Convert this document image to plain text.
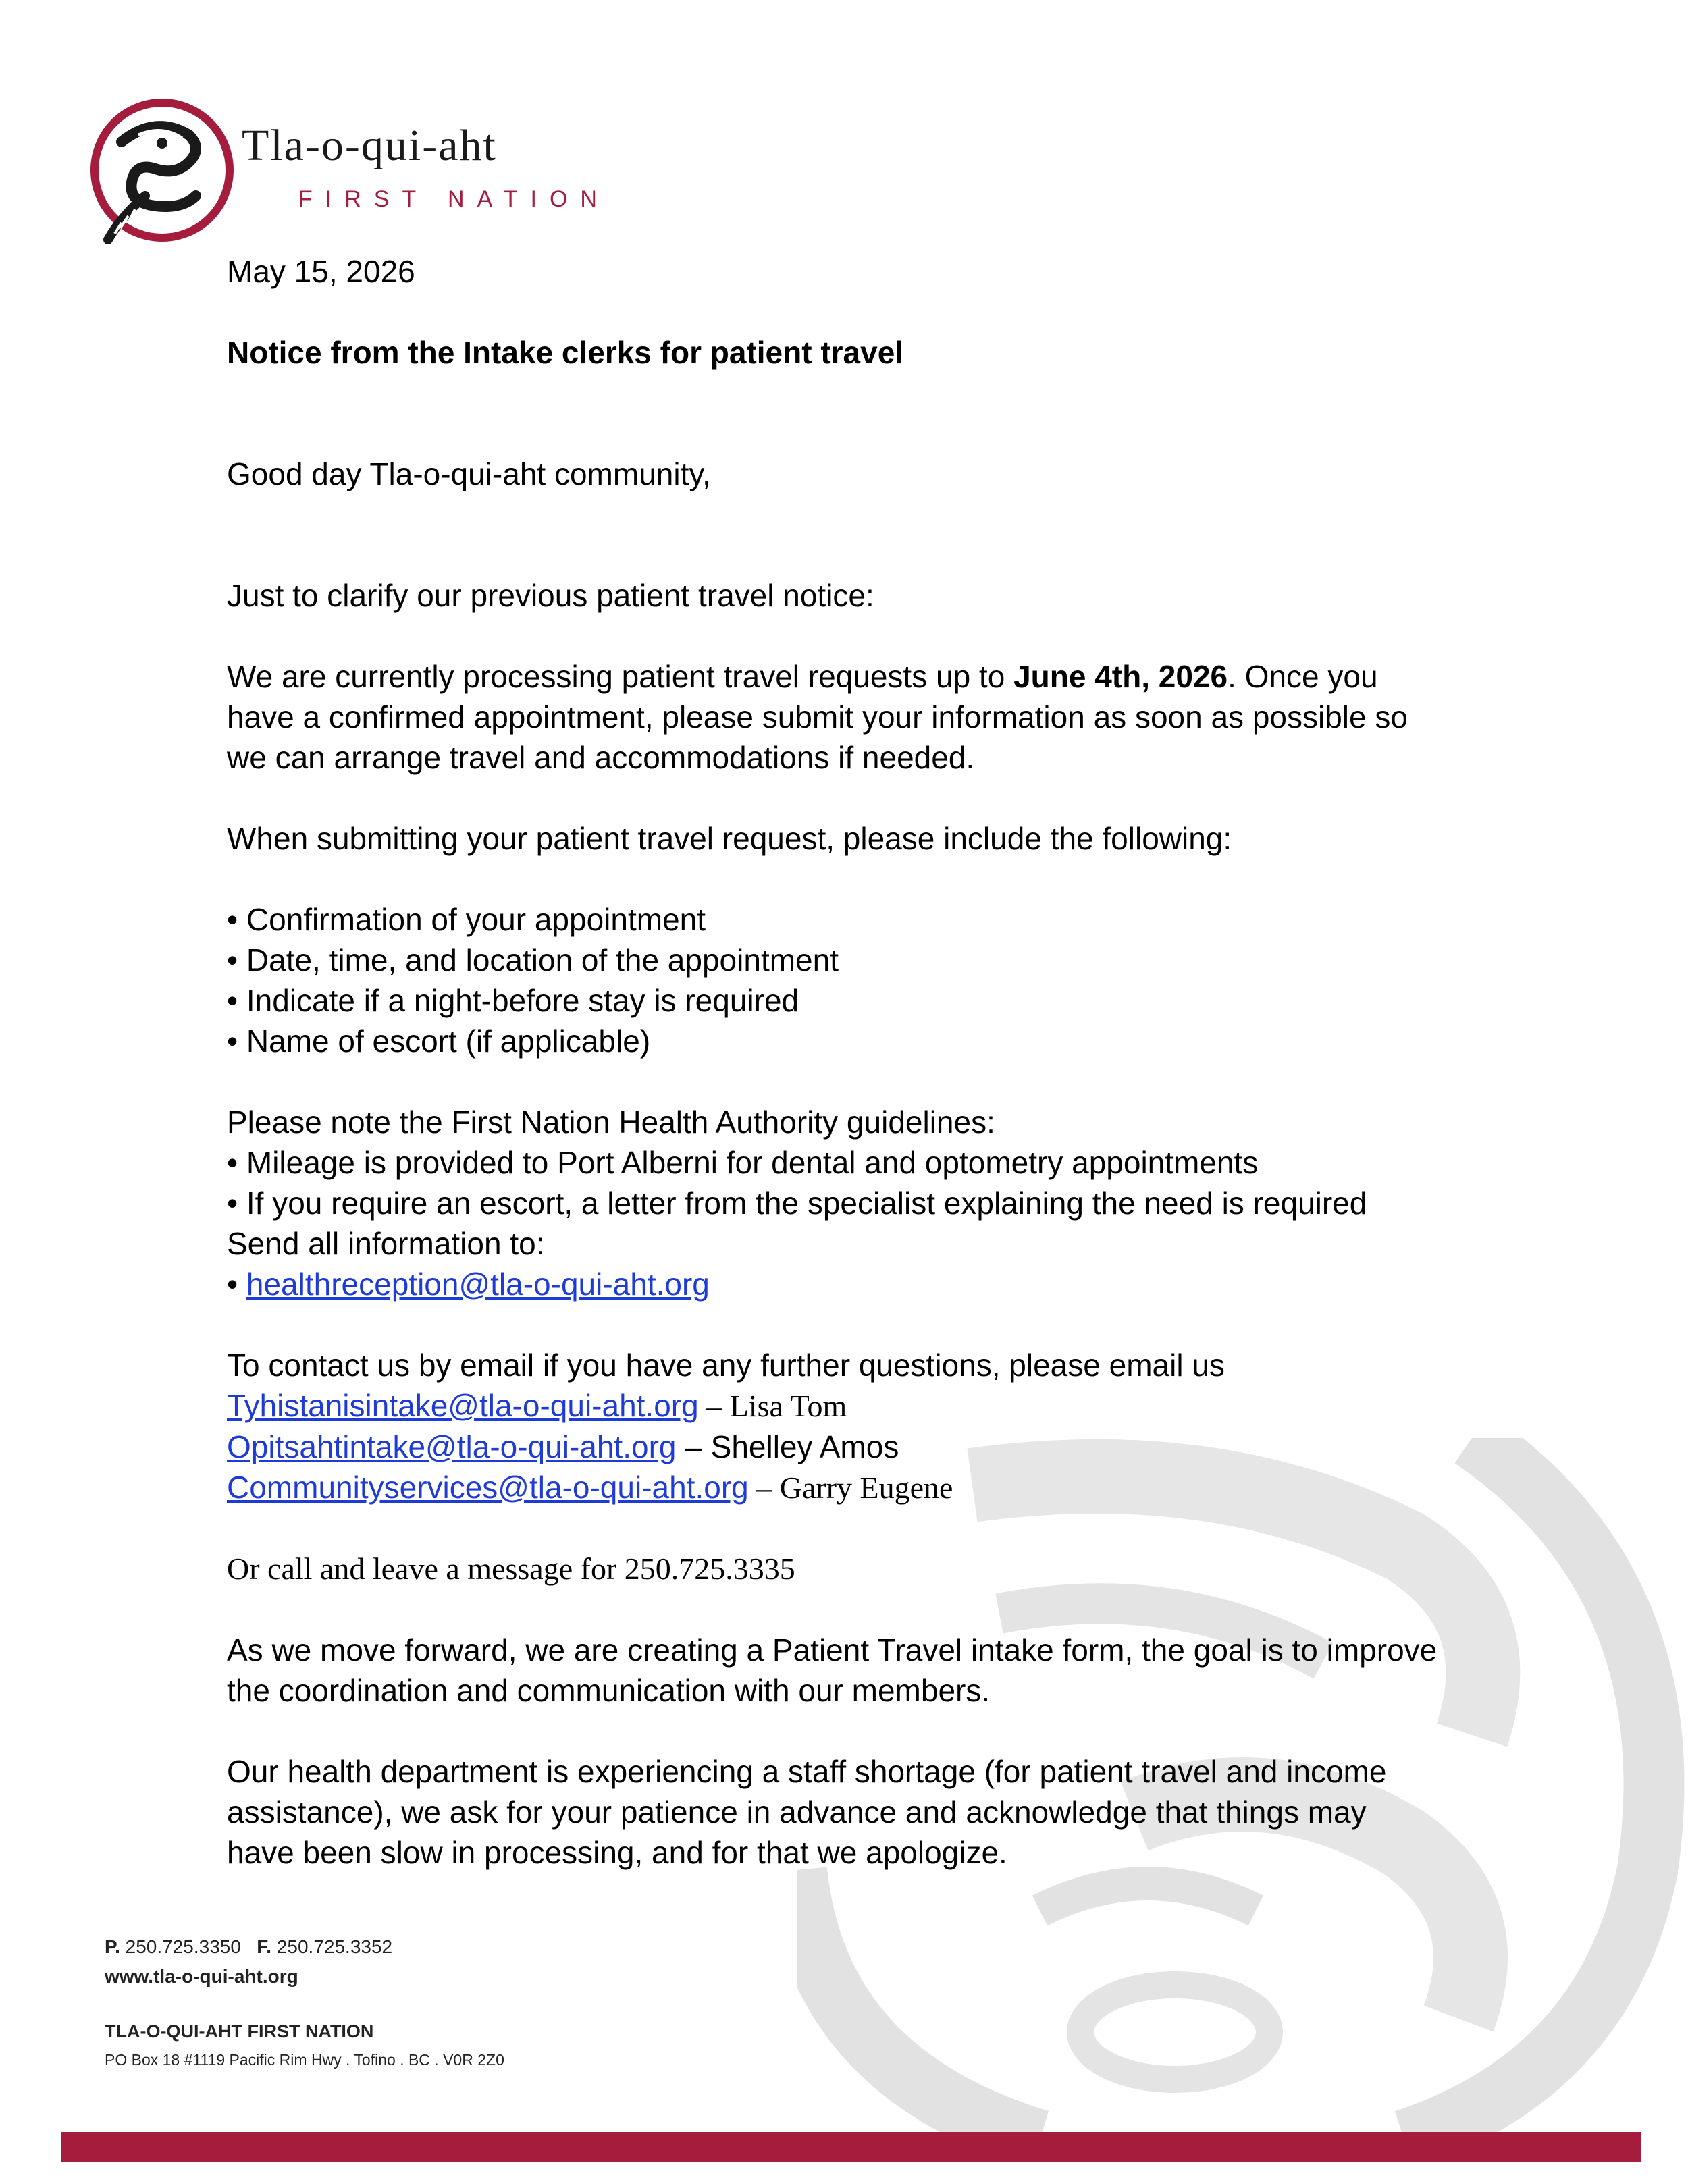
Tla-o-qui-aht
FIRST NATION
May 15, 2026
Notice from the Intake clerks for patient travel
Good day Tla-o-qui-aht community,
Just to clarify our previous patient travel notice:
We are currently processing patient travel requests up to June 4th, 2026. Once you
have a confirmed appointment, please submit your information as soon as possible so
we can arrange travel and accommodations if needed.
When submitting your patient travel request, please include the following:
• Confirmation of your appointment
• Date, time, and location of the appointment
• Indicate if a night-before stay is required
• Name of escort (if applicable)
Please note the First Nation Health Authority guidelines:
• Mileage is provided to Port Alberni for dental and optometry appointments
• If you require an escort, a letter from the specialist explaining the need is required
Send all information to:
• healthreception@tla-o-qui-aht.org
To contact us by email if you have any further questions, please email us
Tyhistanisintake@tla-o-qui-aht.org – Lisa Tom
Opitsahtintake@tla-o-qui-aht.org – Shelley Amos
Communityservices@tla-o-qui-aht.org – Garry Eugene
Or call and leave a message for 250.725.3335
As we move forward, we are creating a Patient Travel intake form, the goal is to improve
the coordination and communication with our members.
Our health department is experiencing a staff shortage (for patient travel and income
assistance), we ask for your patience in advance and acknowledge that things may
have been slow in processing, and for that we apologize.
P. 250.725.3350 F. 250.725.3352
www.tla-o-qui-aht.org
TLA-O-QUI-AHT FIRST NATION
PO Box 18 #1119 Pacific Rim Hwy . Tofino . BC . V0R 2Z0
